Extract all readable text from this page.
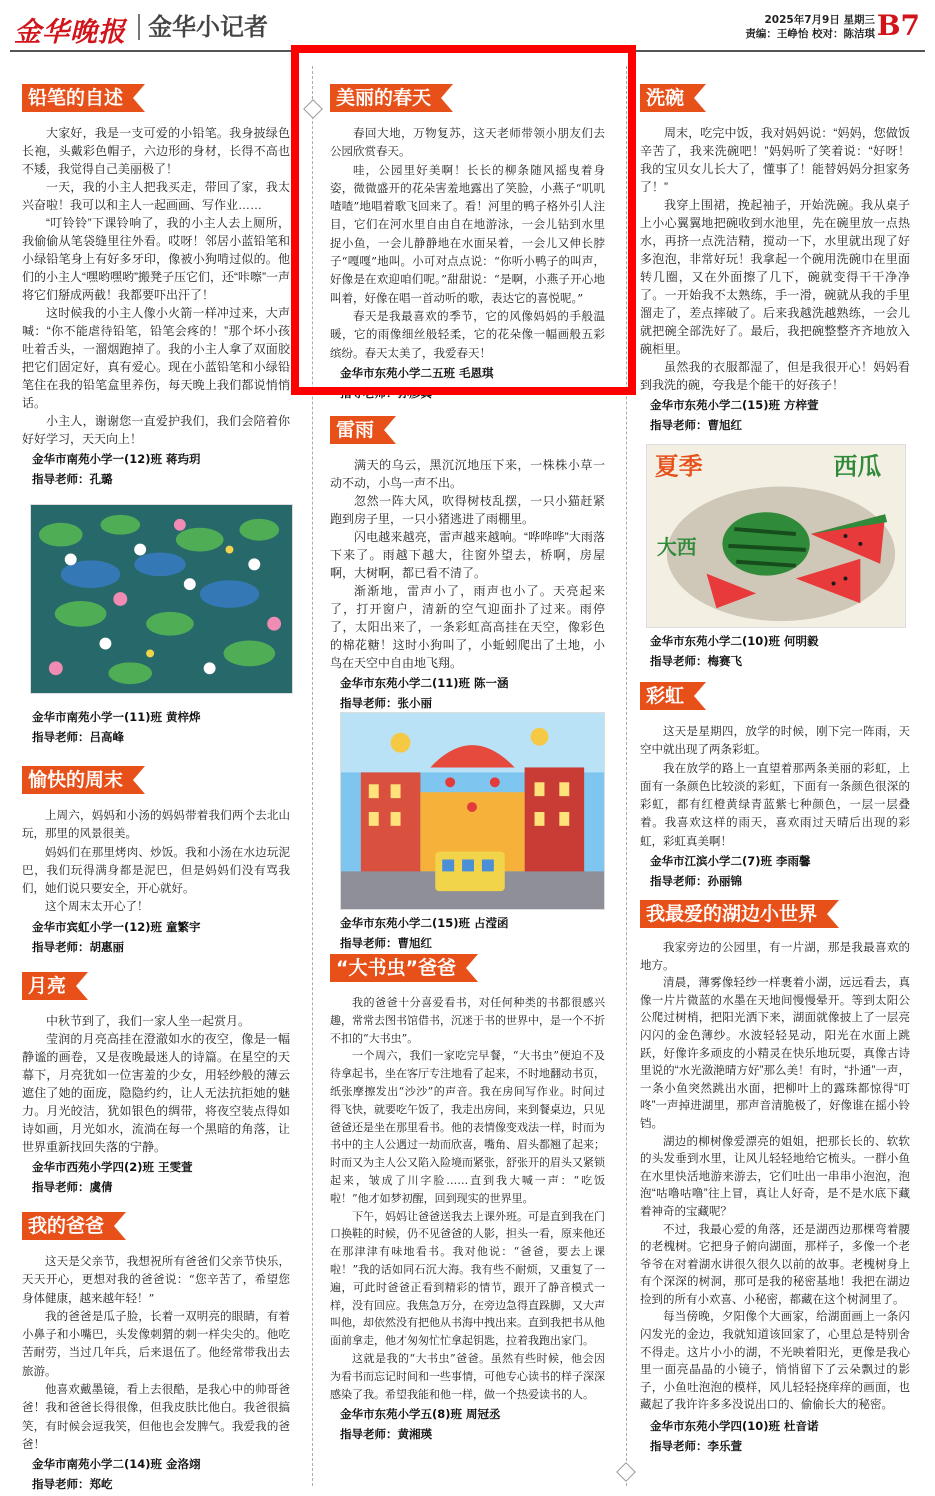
金华晚报 金华小记者	2025年7月9日 星期三
责编：王峥怡 校对：陈洁琪 B7
铅笔的自述

大家好，我是一支可爱的小铅笔。我身披绿色长袍，头戴彩色帽子，六边形的身材，长得不高也不矮，我觉得自己美丽极了！

一天，我的小主人把我买走，带回了家，我太兴奋啦！我可以和主人一起画画、写作业……

“叮铃铃”下课铃响了，我的小主人去上厕所，我偷偷从笔袋缝里往外看。哎呀！邻居小蓝铅笔和小绿铅笔身上有好多牙印，像被小狗啃过似的。他们的小主人“嘿哟嘿哟”搬凳子压它们，还“咔嚓”一声将它们掰成两截！我都要吓出汗了！

这时候我的小主人像小火箭一样冲过来，大声喊：“你不能虐待铅笔，铅笔会疼的！”那个坏小孩吐着舌头，一溜烟跑掉了。我的小主人拿了双面胶把它们固定好，真有爱心。现在小蓝铅笔和小绿铅笔住在我的铅笔盒里养伤，每天晚上我们都说悄悄话。

小主人，谢谢您一直爱护我们，我们会陪着你好好学习，天天向上！

金华市南苑小学一(12)班 蒋玙玥
指导老师：孔璐
金华市南苑小学一(11)班 黄梓烨
指导老师：吕高峰
愉快的周末

上周六，妈妈和小汤的妈妈带着我们两个去北山玩，那里的风景很美。

妈妈们在那里烤肉、炒饭。我和小汤在水边玩泥巴，我们玩得满身都是泥巴，但是妈妈们没有骂我们，她们说只要安全，开心就好。

这个周末太开心了！

金华市宾虹小学一(12)班 童繁宇
指导老师：胡惠丽
月亮

中秋节到了，我们一家人坐一起赏月。

莹润的月亮高挂在澄澈如水的夜空，像是一幅静谧的画卷，又是夜晚最迷人的诗篇。在星空的天幕下，月亮犹如一位害羞的少女，用轻纱般的薄云遮住了她的面庞，隐隐约约，让人无法抗拒她的魅力。月光皎洁，犹如银色的绸带，将夜空装点得如诗如画，月光如水，流淌在每一个黑暗的角落，让世界重新找回失落的宁静。

金华市西苑小学四(2)班 王雯萱
指导老师：虞倩
我的爸爸

这天是父亲节，我想祝所有爸爸们父亲节快乐，天天开心，更想对我的爸爸说：“您辛苦了，希望您身体健康，越来越年轻！”

我的爸爸是瓜子脸，长着一双明亮的眼睛，有着小鼻子和小嘴巴，头发像刺猬的刺一样尖尖的。他吃苦耐劳，当过几年兵，后来退伍了。他经常带我出去旅游。

他喜欢戴墨镜，看上去很酷，是我心中的帅哥爸爸！我和爸爸长得很像，但我皮肤比他白。我爸很搞笑，有时候会逗我笑，但他也会发脾气。我爱我的爸爸！

金华市南苑小学二(14)班 金洛翊
指导老师：郑屹
美丽的春天

春回大地，万物复苏，这天老师带领小朋友们去公园欣赏春天。

哇，公园里好美啊！长长的柳条随风摇曳着身姿，微微盛开的花朵害羞地露出了笑脸，小燕子“叽叽喳喳”地唱着歌飞回来了。看！河里的鸭子格外引人注目，它们在河水里自由自在地游泳，一会儿钻到水里捉小鱼，一会儿静静地在水面呆着，一会儿又伸长脖子“嘎嘎”地叫。小可对点点说：“你听小鸭子的叫声，好像是在欢迎咱们呢。”甜甜说：“是啊，小燕子开心地叫着，好像在唱一首动听的歌，表达它的喜悦呢。”

春天是我最喜欢的季节，它的风像妈妈的手般温暖，它的雨像细丝般轻柔，它的花朵像一幅画般五彩缤纷。春天太美了，我爱春天！

金华市东苑小学二五班 毛恩琪
指导老师：孙彦真
雷雨

满天的乌云，黑沉沉地压下来，一株株小草一动不动，小鸟一声不出。

忽然一阵大风，吹得树枝乱摆，一只小猫赶紧跑到房子里，一只小猪逃进了雨棚里。

闪电越来越亮，雷声越来越响。“哗哗哗”大雨落下来了。雨越下越大，往窗外望去，桥啊，房屋啊，大树啊，都已看不清了。

渐渐地，雷声小了，雨声也小了。天亮起来了，打开窗户，清新的空气迎面扑了过来。雨停了，太阳出来了，一条彩虹高高挂在天空，像彩色的棉花糖！这时小狗叫了，小蚯蚓爬出了土地，小鸟在天空中自由地飞翔。

金华市东苑小学二(11)班 陈一涵
指导老师：张小丽
金华市东苑小学二(15)班 占滢函
指导老师：曹旭红
“大书虫”爸爸

我的爸爸十分喜爱看书，对任何种类的书都很感兴趣，常常去图书馆借书，沉迷于书的世界中，是一个不折不扣的“大书虫”。

一个周六，我们一家吃完早餐，“大书虫”便迫不及待拿起书，坐在客厅专注地看了起来，不时地翻动书页，纸张摩擦发出“沙沙”的声音。我在房间写作业。时间过得飞快，就要吃午饭了，我走出房间，来到餐桌边，只见爸爸还是坐在那里看书。他的表情像变戏法一样，时而为书中的主人公遇过一劫而欣喜，嘴角、眉头都翘了起来；时而又为主人公又陷入险境而紧张，舒张开的眉头又紧锁起来，皱成了川字脸……直到我大喊一声：“吃饭啦！”他才如梦初醒，回到现实的世界里。

下午，妈妈让爸爸送我去上课外班。可是直到我在门口换鞋的时候，仍不见爸爸的人影，担头一看，原来他还在那津津有味地看书。我对他说：“爸爸，要去上课啦！”我的话如同石沉大海。我有些不耐烦，又重复了一遍，可此时爸爸正看到精彩的情节，跟开了静音模式一样，没有回应。我焦急万分，在旁边急得直跺脚，又大声叫他，却依然没有把他从书海中拽出来。直到我把书从他面前拿走，他才匆匆忙忙拿起钥匙，拉着我跑出家门。

这就是我的“大书虫”爸爸。虽然有些时候，他会因为看书而忘记时间和一些事情，可他专心读书的样子深深感染了我。希望我能和他一样，做一个热爱读书的人。

金华市东苑小学五(8)班 周冠丞
指导老师：黄湘瑛
洗碗

周末，吃完中饭，我对妈妈说：“妈妈，您做饭辛苦了，我来洗碗吧！”妈妈听了笑着说：“好呀！我的宝贝女儿长大了，懂事了！能替妈妈分担家务了！”

我穿上围裙，挽起袖子，开始洗碗。我从桌子上小心翼翼地把碗收到水池里，先在碗里放一点热水，再挤一点洗洁精，搅动一下，水里就出现了好多泡泡，非常好玩！我拿起一个碗用洗碗巾在里面转几圈，又在外面擦了几下，碗就变得干干净净了。一开始我不太熟练，手一滑，碗就从我的手里溜走了，差点摔破了。后来我越洗越熟练，一会儿就把碗全部洗好了。最后，我把碗整整齐齐地放入碗柜里。

虽然我的衣服都湿了，但是我很开心！妈妈看到我洗的碗，夸我是个能干的好孩子！

金华市东苑小学二(15)班 方梓萱
指导老师：曹旭红
夏季	西瓜
大西
金华市东苑小学二(10)班 何明毅
指导老师：梅赛飞
彩虹

这天是星期四，放学的时候，刚下完一阵雨，天空中就出现了两条彩虹。

我在放学的路上一直望着那两条美丽的彩虹，上面有一条颜色比较淡的彩虹，下面有一条颜色很深的彩虹，都有红橙黄绿青蓝紫七种颜色，一层一层叠着。我喜欢这样的雨天，喜欢雨过天晴后出现的彩虹，彩虹真美啊！

金华市江滨小学二(7)班 李雨馨
指导老师：孙丽锦
我最爱的湖边小世界

我家旁边的公园里，有一片湖，那是我最喜欢的地方。

清晨，薄雾像轻纱一样裹着小湖，远远看去，真像一片片微蓝的水墨在天地间慢慢晕开。等到太阳公公爬过树梢，把阳光洒下来，湖面就像披上了一层亮闪闪的金色薄纱。水波轻轻晃动，阳光在水面上跳跃，好像许多顽皮的小精灵在快乐地玩耍，真像古诗里说的“水光潋滟晴方好”那么美！有时，“扑通”一声，一条小鱼突然跳出水面，把柳叶上的露珠都惊得“叮咚”一声掉进湖里，那声音清脆极了，好像谁在摇小铃铛。

湖边的柳树像爱漂亮的姐姐，把那长长的、软软的头发垂到水里，让风儿轻轻地给它梳头。一群小鱼在水里快活地游来游去，它们吐出一串串小泡泡，泡泡“咕噜咕噜”往上冒，真让人好奇，是不是水底下藏着神奇的宝藏呢？

不过，我最心爱的角落，还是湖西边那棵弯着腰的老槐树。它把身子俯向湖面，那样子，多像一个老爷爷在对着湖水讲很久很久以前的故事。老槐树身上有个深深的树洞，那可是我的秘密基地！我把在湖边捡到的所有小欢喜、小秘密，都藏在这个树洞里了。

每当傍晚，夕阳像个大画家，给湖面画上一条闪闪发光的金边，我就知道该回家了，心里总是特别舍不得走。这片小小的湖，不光映着阳光，更像是我心里一面亮晶晶的小镜子，悄悄留下了云朵飘过的影子，小鱼吐泡泡的模样，风儿轻轻挠痒痒的画面，也藏起了我许许多多没说出口的、偷偷长大的秘密。

金华市东苑小学四(10)班 杜音诺
指导老师：李乐萱
